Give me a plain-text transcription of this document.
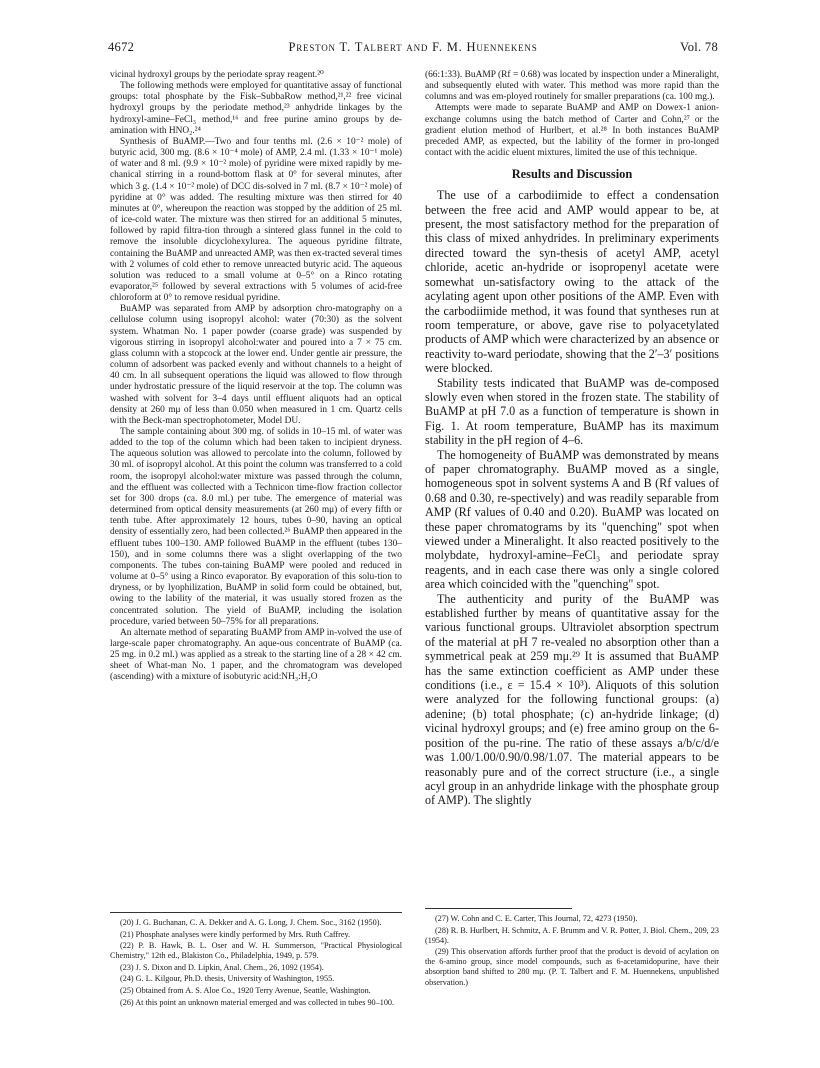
4672	Preston T. Talbert and F. M. Huennekens	Vol. 78

vicinal hydroxyl groups by the periodate spray reagent.²⁰

The following methods were employed for quantitative assay of functional groups: total phosphate by the Fisk–SubbaRow method,²¹,²² free vicinal hydroxyl groups by the periodate method,²³ anhydride linkages by the hydroxyl-amine–FeCl₃ method,¹⁶ and free purine amino groups by de-amination with HNO₂.²⁴

Synthesis of BuAMP.—Two and four tenths ml. (2.6 × 10⁻² mole) of butyric acid, 300 mg. (8.6 × 10⁻⁴ mole) of AMP, 2.4 ml. (1.33 × 10⁻¹ mole) of water and 8 ml. (9.9 × 10⁻² mole) of pyridine were mixed rapidly by me-chanical stirring in a round-bottom flask at 0° for several minutes, after which 3 g. (1.4 × 10⁻² mole) of DCC dis-solved in 7 ml. (8.7 × 10⁻² mole) of pyridine at 0° was added. The resulting mixture was then stirred for 40 minutes at 0°, whereupon the reaction was stopped by the addition of 25 ml. of ice-cold water. The mixture was then stirred for an additional 5 minutes, followed by rapid filtra-tion through a sintered glass funnel in the cold to remove the insoluble dicyclohexylurea. The aqueous pyridine filtrate, containing the BuAMP and unreacted AMP, was then ex-tracted several times with 2 volumes of cold ether to remove unreacted butyric acid. The aqueous solution was reduced to a small volume at 0–5° on a Rinco rotating evaporator,²⁵ followed by several extractions with 5 volumes of acid-free chloroform at 0° to remove residual pyridine.

BuAMP was separated from AMP by adsorption chro-matography on a cellulose column using isopropyl alcohol: water (70:30) as the solvent system. Whatman No. 1 paper powder (coarse grade) was suspended by vigorous stirring in isopropyl alcohol:water and poured into a 7 × 75 cm. glass column with a stopcock at the lower end. Under gentle air pressure, the column of adsorbent was packed evenly and without channels to a height of 40 cm. In all subsequent operations the liquid was allowed to flow through under hydrostatic pressure of the liquid reservoir at the top. The column was washed with solvent for 3–4 days until effluent aliquots had an optical density at 260 mμ of less than 0.050 when measured in 1 cm. Quartz cells with the Beck-man spectrophotometer, Model DU.

The sample containing about 300 mg. of solids in 10–15 ml. of water was added to the top of the column which had been taken to incipient dryness. The aqueous solution was allowed to percolate into the column, followed by 30 ml. of isopropyl alcohol. At this point the column was transferred to a cold room, the isopropyl alcohol:water mixture was passed through the column, and the effluent was collected with a Technicon time-flow fraction collector set for 300 drops (ca. 8.0 ml.) per tube. The emergence of material was determined from optical density measurements (at 260 mμ) of every fifth or tenth tube. After approximately 12 hours, tubes 0–90, having an optical density of essentially zero, had been collected.²⁶ BuAMP then appeared in the effluent tubes 100–130. AMP followed BuAMP in the effluent (tubes 130–150), and in some columns there was a slight overlapping of the two components. The tubes con-taining BuAMP were pooled and reduced in volume at 0–5° using a Rinco evaporator. By evaporation of this solu-tion to dryness, or by lyophilization, BuAMP in solid form could be obtained, but, owing to the lability of the material, it was usually stored frozen as the concentrated solution. The yield of BuAMP, including the isolation procedure, varied between 50–75% for all preparations.

An alternate method of separating BuAMP from AMP in-volved the use of large-scale paper chromatography. An aque-ous concentrate of BuAMP (ca. 25 mg. in 0.2 ml.) was applied as a streak to the starting line of a 28 × 42 cm. sheet of What-man No. 1 paper, and the chromatogram was developed (ascending) with a mixture of isobutyric acid:NH₃:H₂O

(20) J. G. Buchanan, C. A. Dekker and A. G. Long, J. Chem. Soc., 3162 (1950).

(21) Phosphate analyses were kindly performed by Mrs. Ruth Caffrey.

(22) P. B. Hawk, B. L. Oser and W. H. Summerson, "Practical Physiological Chemistry," 12th ed., Blakiston Co., Philadelphia, 1949, p. 579.

(23) J. S. Dixon and D. Lipkin, Anal. Chem., 26, 1092 (1954).

(24) G. L. Kilgour, Ph.D. thesis, University of Washington, 1955.

(25) Obtained from A. S. Aloe Co., 1920 Terry Avenue, Seattle, Washington.

(26) At this point an unknown material emerged and was collected in tubes 90–100.

(66:1:33). BuAMP (Rf = 0.68) was located by inspection under a Mineralight, and subsequently eluted with water. This method was more rapid than the columns and was em-ployed routinely for smaller preparations (ca. 100 mg.).

Attempts were made to separate BuAMP and AMP on Dowex-1 anion-exchange columns using the batch method of Carter and Cohn,²⁷ or the gradient elution method of Hurlbert, et al.²⁸ In both instances BuAMP preceded AMP, as expected, but the lability of the former in pro-longed contact with the acidic eluent mixtures, limited the use of this technique.

Results and Discussion

The use of a carbodiimide to effect a condensation between the free acid and AMP would appear to be, at present, the most satisfactory method for the preparation of this class of mixed anhydrides. In preliminary experiments directed toward the syn-thesis of acetyl AMP, acetyl chloride, acetic an-hydride or isopropenyl acetate were somewhat un-satisfactory owing to the attack of the acylating agent upon other positions of the AMP. Even with the carbodiimide method, it was found that syntheses run at room temperature, or above, gave rise to polyacetylated products of AMP which were characterized by an absence or reactivity to-ward periodate, showing that the 2′–3′ positions were blocked.

Stability tests indicated that BuAMP was de-composed slowly even when stored in the frozen state. The stability of BuAMP at pH 7.0 as a function of temperature is shown in Fig. 1. At room temperature, BuAMP has its maximum stability in the pH region of 4–6.

The homogeneity of BuAMP was demonstrated by means of paper chromatography. BuAMP moved as a single, homogeneous spot in solvent systems A and B (Rf values of 0.68 and 0.30, re-spectively) and was readily separable from AMP (Rf values of 0.40 and 0.20). BuAMP was located on these paper chromatograms by its "quenching" spot when viewed under a Mineralight. It also reacted positively to the molybdate, hydroxyl-amine–FeCl₃ and periodate spray reagents, and in each case there was only a single colored area which coincided with the "quenching" spot.

The authenticity and purity of the BuAMP was established further by means of quantitative assay for the various functional groups. Ultraviolet absorption spectrum of the material at pH 7 re-vealed no absorption other than a symmetrical peak at 259 mμ.²⁹ It is assumed that BuAMP has the same extinction coefficient as AMP under these conditions (i.e., ε = 15.4 × 10³). Aliquots of this solution were analyzed for the following functional groups: (a) adenine; (b) total phosphate; (c) an-hydride linkage; (d) vicinal hydroxyl groups; and (e) free amino group on the 6-position of the pu-rine. The ratio of these assays a/b/c/d/e was 1.00/1.00/0.90/0.98/1.07. The material appears to be reasonably pure and of the correct structure (i.e., a single acyl group in an anhydride linkage with the phosphate group of AMP). The slightly

(27) W. Cohn and C. E. Carter, This Journal, 72, 4273 (1950).

(28) R. B. Hurlbert, H. Schmitz, A. F. Brumm and V. R. Potter, J. Biol. Chem., 209, 23 (1954).

(29) This observation affords further proof that the product is devoid of acylation on the 6-amino group, since model compounds, such as 6-acetamidopurine, have their absorption band shifted to 280 mμ. (P. T. Talbert and F. M. Huennekens, unpublished observation.)
